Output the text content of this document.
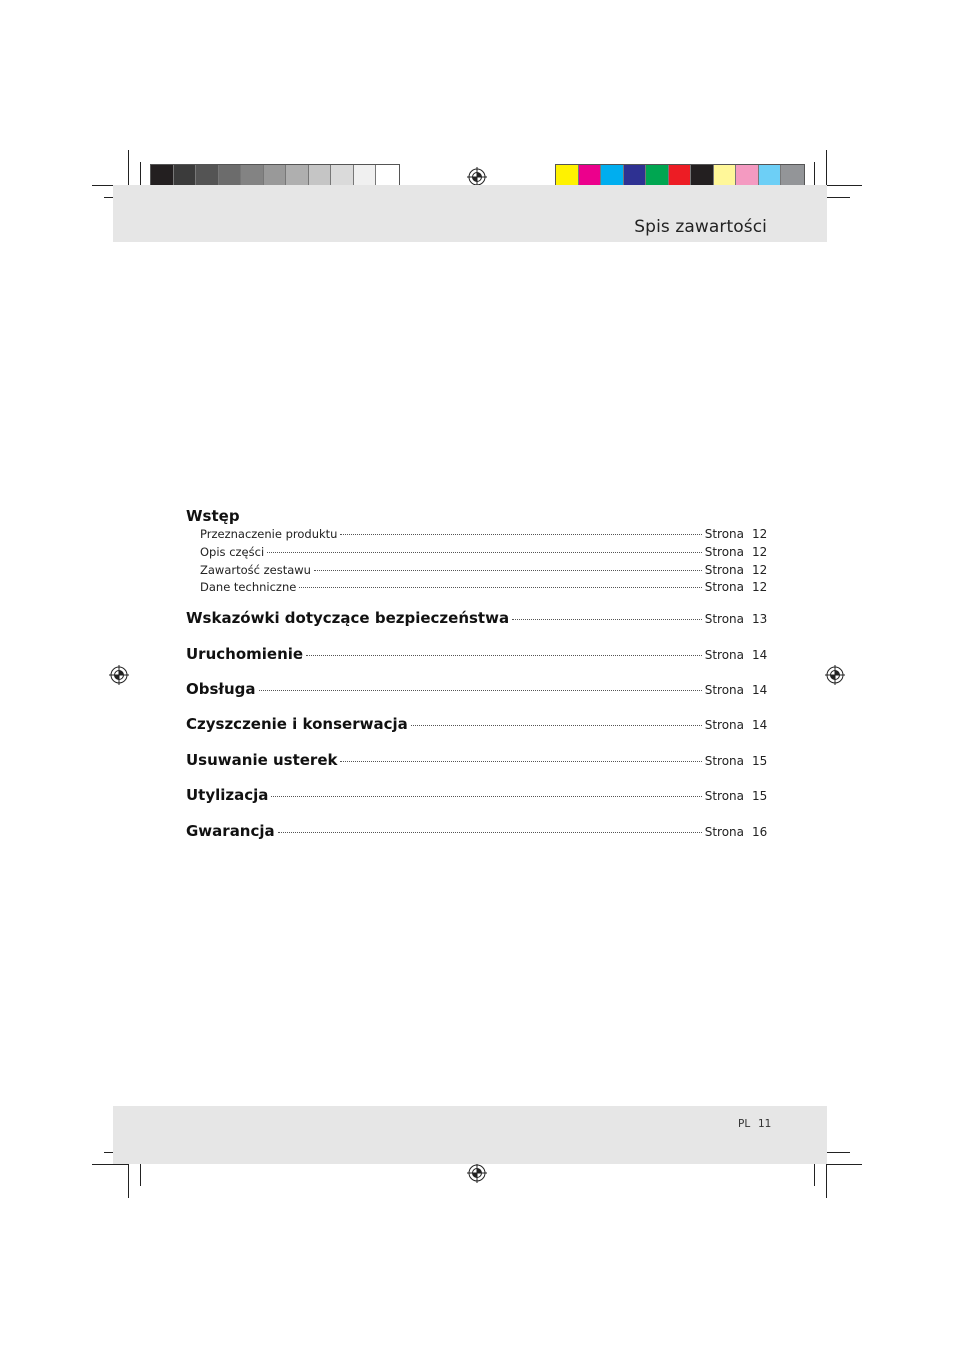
Spis zawartości
Wstęp
Przeznaczenie produktu	Strona 12
Opis części	Strona 12
Zawartość zestawu	Strona 12
Dane techniczne	Strona 12
Wskazówki dotyczące bezpieczeństwa	Strona 13
Uruchomienie	Strona 14
Obsługa	Strona 14
Czyszczenie i konserwacja	Strona 14
Usuwanie usterek	Strona 15
Utylizacja	Strona 15
Gwarancja	Strona 16
PL 11
